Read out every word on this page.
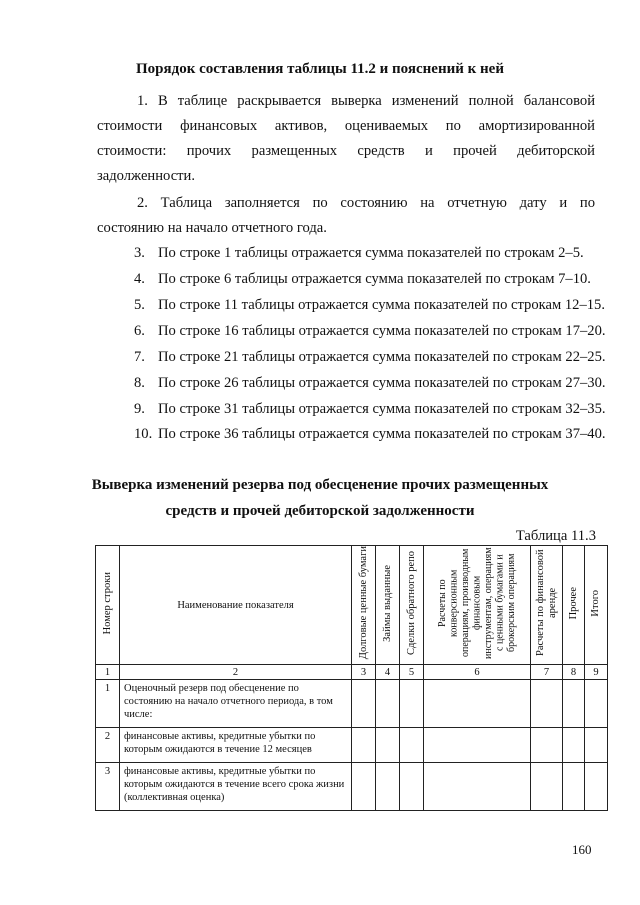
Порядок составления таблицы 11.2 и пояснений к ней

1. В таблице раскрывается выверка изменений полной балансовой

стоимости финансовых активов, оцениваемых по амортизированной

стоимости: прочих размещенных средств и прочей дебиторской

задолженности.

2. Таблица заполняется по состоянию на отчетную дату и по

состоянию на начало отчетного года.

3. По строке 1 таблицы отражается сумма показателей по строкам 2–5.

4. По строке 6 таблицы отражается сумма показателей по строкам 7–10.

5. По строке 11 таблицы отражается сумма показателей по строкам 12–15.

6. По строке 16 таблицы отражается сумма показателей по строкам 17–20.

7. По строке 21 таблицы отражается сумма показателей по строкам 22–25.

8. По строке 26 таблицы отражается сумма показателей по строкам 27–30.

9. По строке 31 таблицы отражается сумма показателей по строкам 32–35.

10. По строке 36 таблицы отражается сумма показателей по строкам 37–40.

Выверка изменений резерва под обесценение прочих размещенных
средств и прочей дебиторской задолженности

Таблица 11.3

Номер строки	Наименование показателя	Долговые ценные бумаги	Займы выданные	Сделки обратного репо	Расчеты по конверсионным операциям, производным финансовым инструментам, операциям с ценными бумагами и брокерским операциям	Расчеты по финансовой аренде	Прочее	Итого
1	2	3	4	5	6	7	8	9
1	Оценочный резерв под обесценение по состоянию на начало отчетного периода, в том числе:							
2	финансовые активы, кредитные убытки по которым ожидаются в течение 12 месяцев							
3	финансовые активы, кредитные убытки по которым ожидаются в течение всего срока жизни (коллективная оценка)							

160
